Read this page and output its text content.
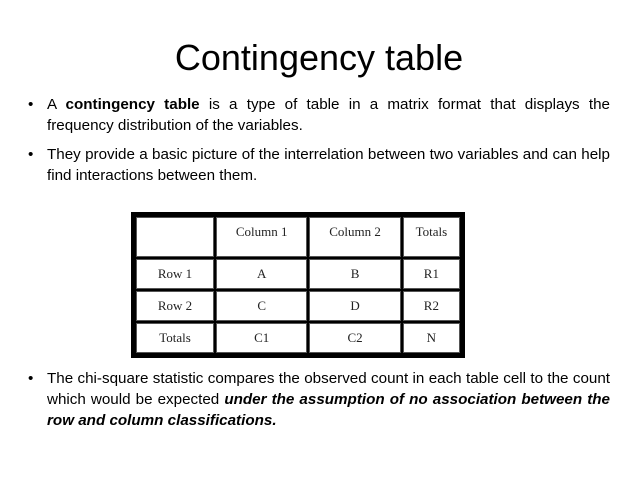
Contingency table
• A contingency table is a type of table in a matrix format that displays the frequency distribution of the variables.
• They provide a basic picture of the interrelation between two variables and can help find interactions between them.
	Column 1	Column 2	Totals
Row 1	A	B	R1
Row 2	C	D	R2
Totals	C1	C2	N
• The chi-square statistic compares the observed count in each table cell to the count which would be expected under the assumption of no association between the row and column classifications.
